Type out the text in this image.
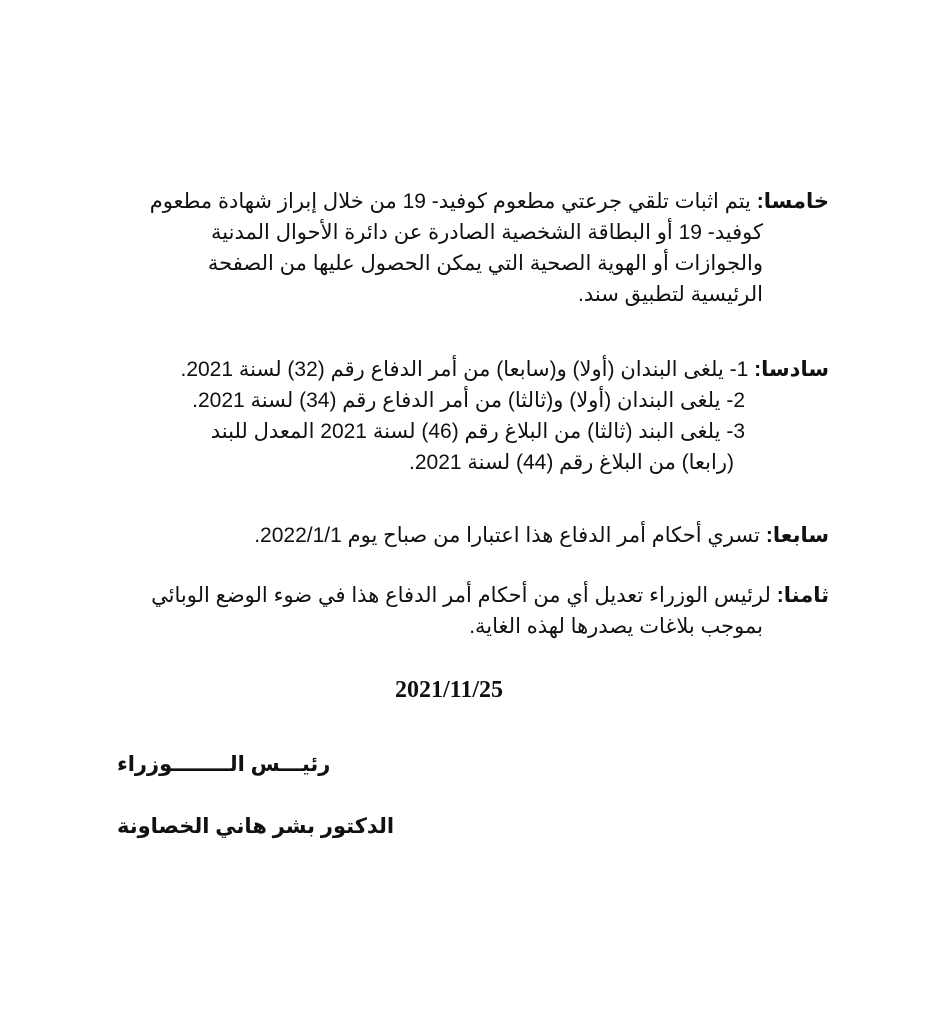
خامسا: يتم اثبات تلقي جرعتي مطعوم كوفيد- 19 من خلال إبراز شهادة مطعوم
كوفيد- 19 أو البطاقة الشخصية الصادرة عن دائرة الأحوال المدنية
والجوازات أو الهوية الصحية التي يمكن الحصول عليها من الصفحة
الرئيسية لتطبيق سند.
سادسا: 1- يلغى البندان (أولا) و(سابعا) من أمر الدفاع رقم (32) لسنة 2021.
2- يلغى البندان (أولا) و(ثالثا) من أمر الدفاع رقم (34) لسنة 2021.
3- يلغى البند (ثالثا) من البلاغ رقم (46) لسنة 2021 المعدل للبند
(رابعا) من البلاغ رقم (44) لسنة 2021.
سابعا: تسري أحكام أمر الدفاع هذا اعتبارا من صباح يوم 2022/1/1.
ثامنا: لرئيس الوزراء تعديل أي من أحكام أمر الدفاع هذا في ضوء الوضع الوبائي
بموجب بلاغات يصدرها لهذه الغاية.
2021/11/25
رئيـــس الــــــــوزراء
الدكتور بشر هاني الخصاونة
